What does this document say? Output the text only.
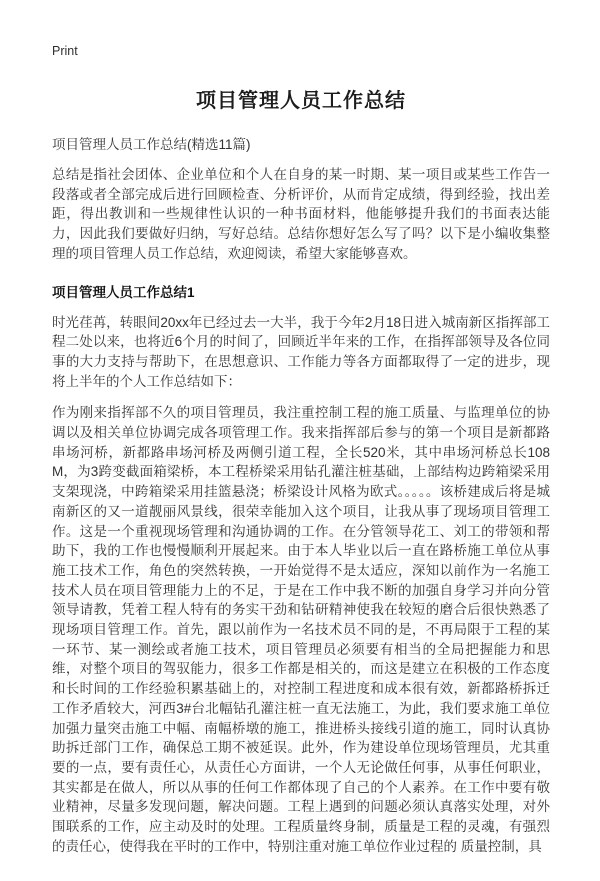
Print
项目管理人员工作总结
项目管理人员工作总结(精选11篇)

总结是指社会团体、企业单位和个人在自身的某一时期、某一项目或某些工作告一段落或者全部完成后进行回顾检查、分析评价，从而肯定成绩，得到经验，找出差距，得出教训和一些规律性认识的一种书面材料，他能够提升我们的书面表达能力，因此我们要做好归纳，写好总结。总结你想好怎么写了吗？以下是小编收集整理的项目管理人员工作总结，欢迎阅读，希望大家能够喜欢。

项目管理人员工作总结1

时光荏苒，转眼间20xx年已经过去一大半，我于今年2月18日进入城南新区指挥部工程二处以来，也将近6个月的时间了，回顾近半年来的工作，在指挥部领导及各位同事的大力支持与帮助下，在思想意识、工作能力等各方面都取得了一定的进步，现将上半年的个人工作总结如下：

作为刚来指挥部不久的项目管理员，我注重控制工程的施工质量、与监理单位的协调以及相关单位协调完成各项管理工作。我来指挥部后参与的第一个项目是新都路串场河桥，新都路串场河桥及两侧引道工程，全长520米，其中串场河桥总长108M，为3跨变截面箱梁桥，本工程桥梁采用钻孔灌注桩基础，上部结构边跨箱梁采用支架现浇，中跨箱梁采用挂篮悬浇；桥梁设计风格为欧式。。。。。该桥建成后将是城南新区的又一道靓丽风景线，很荣幸能加入这个项目，让我从事了现场项目管理工作。这是一个重视现场管理和沟通协调的工作。在分管领导花工、刘工的带领和帮助下，我的工作也慢慢顺利开展起来。由于本人毕业以后一直在路桥施工单位从事施工技术工作，角色的突然转换，一开始觉得不是太适应，深知以前作为一名施工技术人员在项目管理能力上的不足，于是在工作中我不断的加强自身学习并向分管领导请教，凭着工程人特有的务实干劲和钻研精神使我在较短的磨合后很快熟悉了现场项目管理工作。首先，跟以前作为一名技术员不同的是，不再局限于工程的某一环节、某一测绘或者施工技术，项目管理员必须要有相当的全局把握能力和思维，对整个项目的驾驭能力，很多工作都是相关的，而这是建立在积极的工作态度和长时间的工作经验积累基础上的，对控制工程进度和成本很有效，新都路桥拆迁工作矛盾较大，河西3#台北幅钻孔灌注桩一直无法施工，为此，我们要求施工单位加强力量突击施工中幅、南幅桥墩的施工，推进桥头接线引道的施工，同时认真协助拆迁部门工作，确保总工期不被延误。此外，作为建设单位现场管理员，尤其重要的一点，要有责任心，从责任心方面讲，一个人无论做任何事，从事任何职业，其实都是在做人，所以从事的任何工作都体现了自己的个人素养。在工作中要有敬业精神，尽量多发现问题，解决问题。工程上遇到的问题必须认真落实处理，对外围联系的工作，应主动及时的处理。工程质量终身制，质量是工程的灵魂，有强烈的责任心，使得我在平时的工作中，特别注重对施工单位作业过程的 质量控制，具
